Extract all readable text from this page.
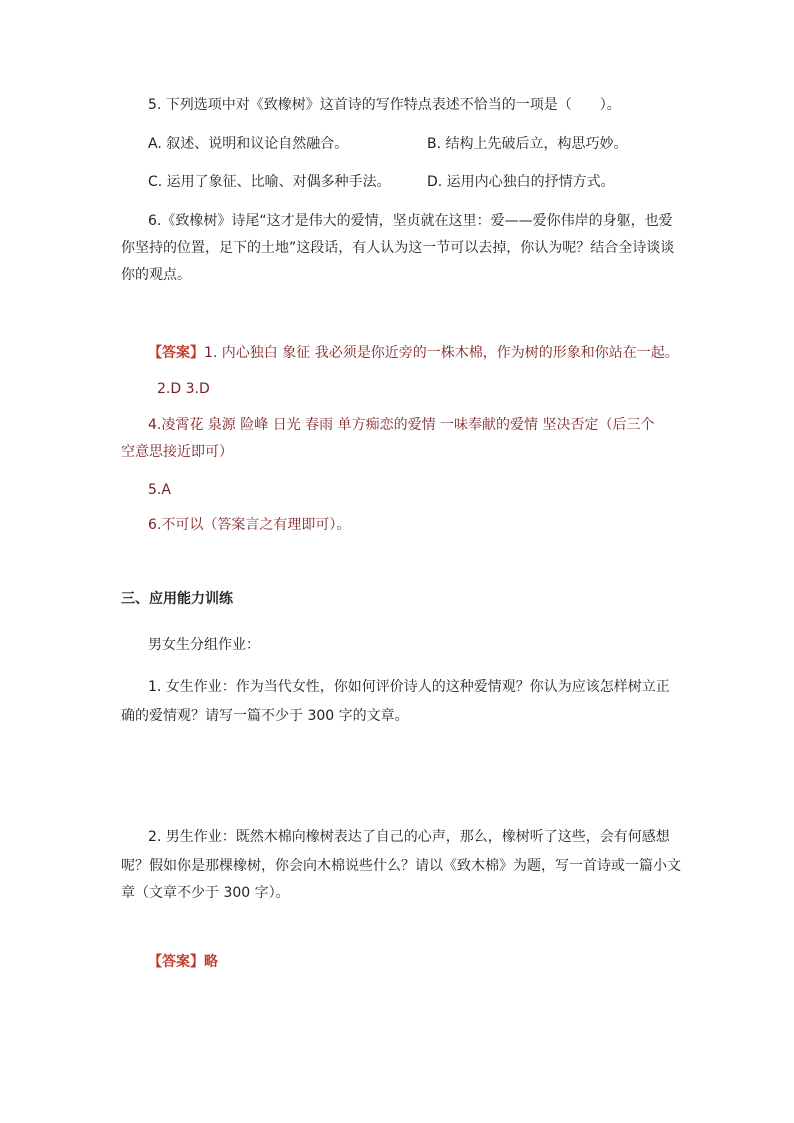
5. 下列选项中对《致橡树》这首诗的写作特点表述不恰当的一项是（　　）。
A. 叙述、说明和议论自然融合。	B. 结构上先破后立，构思巧妙。
C. 运用了象征、比喻、对偶多种手法。	D. 运用内心独白的抒情方式。
6.《致橡树》诗尾“这才是伟大的爱情，坚贞就在这里：爱——爱你伟岸的身躯，也爱
你坚持的位置，足下的土地”这段话，有人认为这一节可以去掉，你认为呢？结合全诗谈谈
你的观点。
【答案】1. 内心独白 象征 我必须是你近旁的一株木棉，作为树的形象和你站在一起。
2.D 3.D
4.凌霄花 泉源 险峰 日光 春雨 单方痴恋的爱情 一味奉献的爱情 坚决否定（后三个
空意思接近即可）
5.A
6.不可以（答案言之有理即可）。
三、应用能力训练
男女生分组作业：
1. 女生作业：作为当代女性，你如何评价诗人的这种爱情观？你认为应该怎样树立正
确的爱情观？请写一篇不少于 300 字的文章。
2. 男生作业：既然木棉向橡树表达了自己的心声，那么，橡树听了这些，会有何感想
呢？假如你是那棵橡树，你会向木棉说些什么？请以《致木棉》为题，写一首诗或一篇小文
章（文章不少于 300 字）。
【答案】略
